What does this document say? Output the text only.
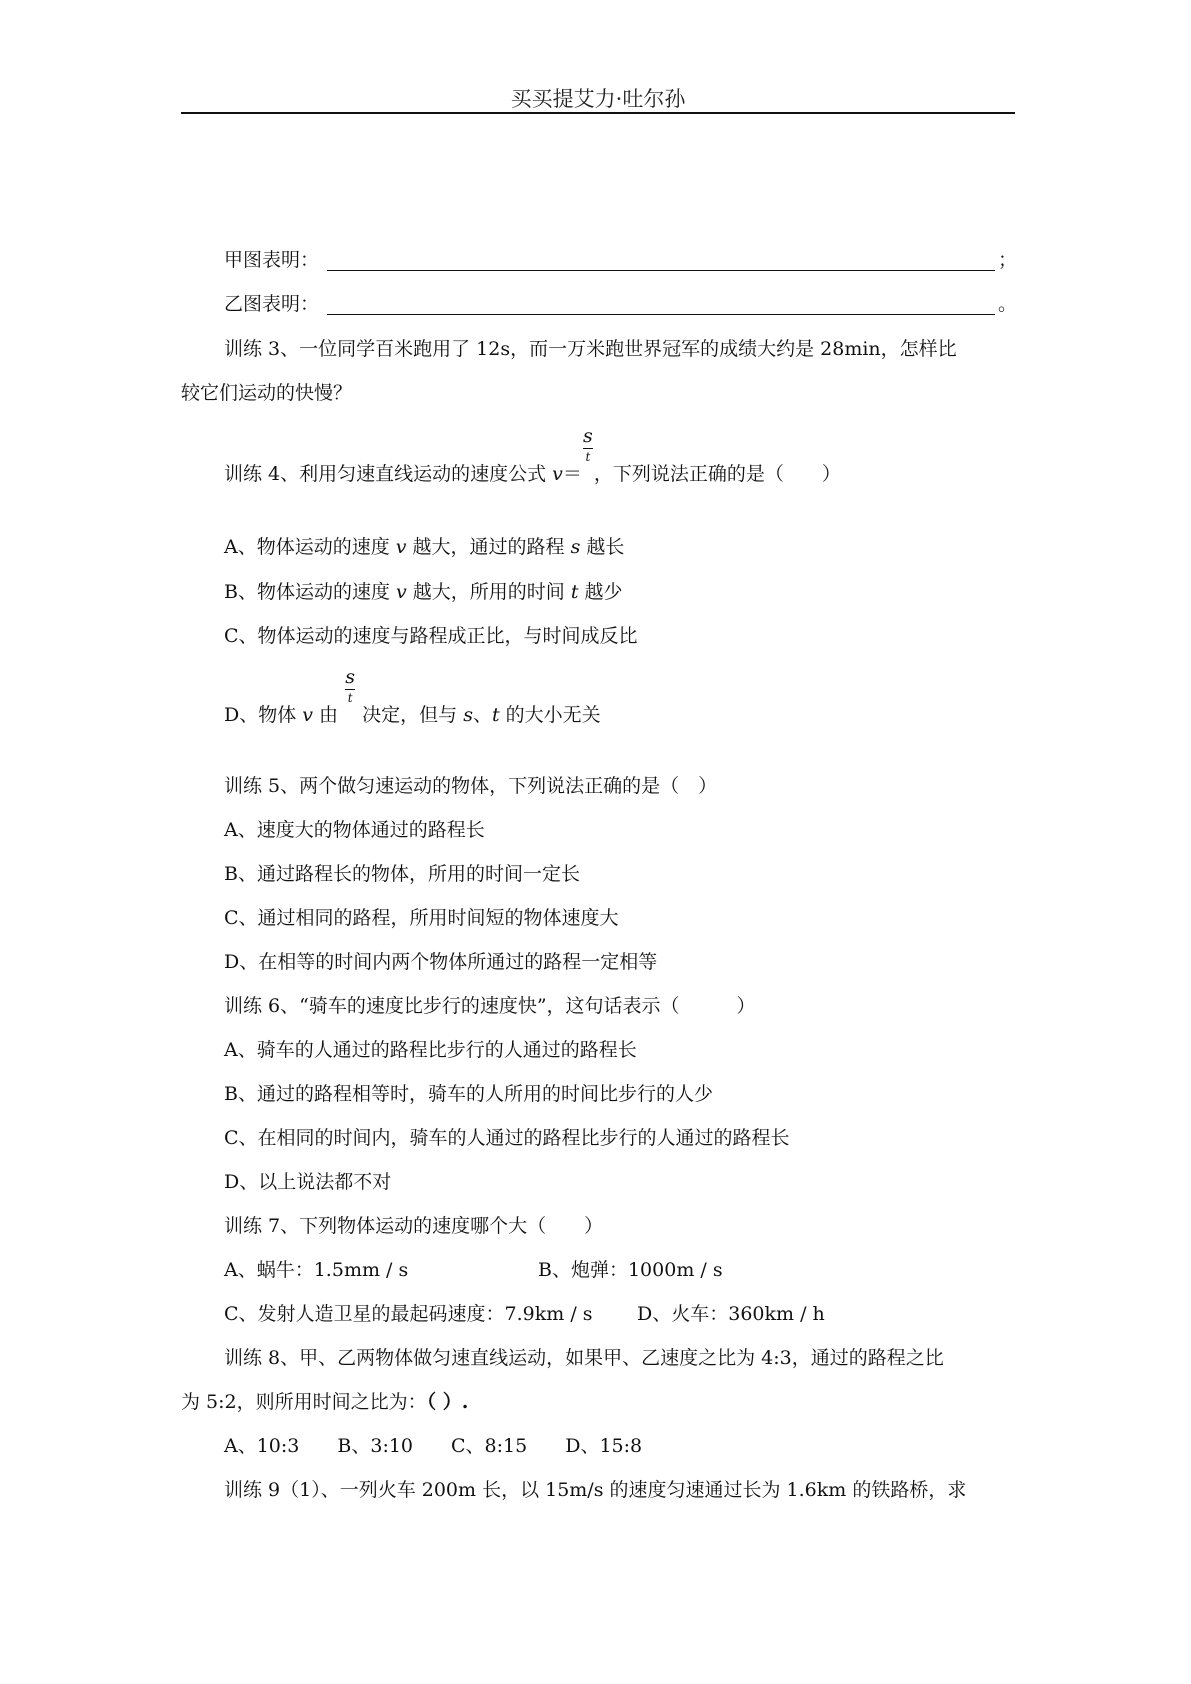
买买提艾力·吐尔孙
甲图表明：	；
乙图表明：	。
训练 3、一位同学百米跑用了 12s，而一万米跑世界冠军的成绩大约是 28min，怎样比
较它们运动的快慢？
训练 4、利用匀速直线运动的速度公式 $v= \frac{s}{t}$ ，下列说法正确的是（　　）
A、物体运动的速度 v 越大，通过的路程 s 越长
B、物体运动的速度 v 越大，所用的时间 t 越少
C、物体运动的速度与路程成正比，与时间成反比
D、物体 v 由 $\frac{s}{t}$ 决定，但与 s、t 的大小无关
训练 5、两个做匀速运动的物体，下列说法正确的是（　）
A、速度大的物体通过的路程长
B、通过路程长的物体，所用的时间一定长
C、通过相同的路程，所用时间短的物体速度大
D、在相等的时间内两个物体所通过的路程一定相等
训练 6、“骑车的速度比步行的速度快”，这句话表示（　　　）
A、骑车的人通过的路程比步行的人通过的路程长
B、通过的路程相等时，骑车的人所用的时间比步行的人少
C、在相同的时间内，骑车的人通过的路程比步行的人通过的路程长
D、以上说法都不对
训练 7、下列物体运动的速度哪个大（　　）
A、蜗牛：1.5mm / s	B、炮弹：1000m / s
C、发射人造卫星的最起码速度：7.9km / s D、火车：360km / h
训练 8、甲、乙两物体做匀速直线运动，如果甲、乙速度之比为 4:3，通过的路程之比
为 5:2，则所用时间之比为：（ ）.
A、10:3　　B、3:10　　C、8:15　　D、15:8
训练 9（1）、一列火车 200m 长，以 15m/s 的速度匀速通过长为 1.6km 的铁路桥，求
